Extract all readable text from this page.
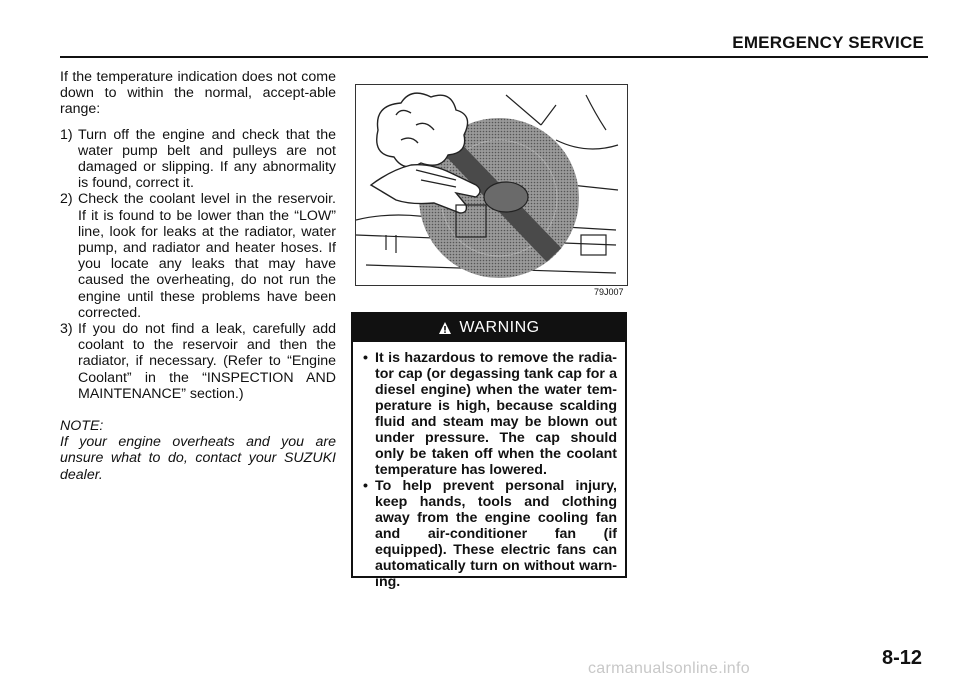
EMERGENCY SERVICE

If the temperature indication does not come down to within the normal, accept-able range:

1) Turn off the engine and check that the water pump belt and pulleys are not damaged or slipping. If any abnormality is found, correct it.
2) Check the coolant level in the reservoir. If it is found to be lower than the “LOW” line, look for leaks at the radiator, water pump, and radiator and heater hoses. If you locate any leaks that may have caused the overheating, do not run the engine until these problems have been corrected.
3) If you do not find a leak, carefully add coolant to the reservoir and then the radiator, if necessary. (Refer to “Engine Coolant” in the “INSPECTION AND MAINTENANCE” section.)
NOTE:
If your engine overheats and you are unsure what to do, contact your SUZUKI dealer.
79J007
WARNING
• It is hazardous to remove the radia-tor cap (or degassing tank cap for a diesel engine) when the water tem-perature is high, because scalding fluid and steam may be blown out under pressure. The cap should only be taken off when the coolant temperature has lowered.
• To help prevent personal injury, keep hands, tools and clothing away from the engine cooling fan and air-conditioner fan (if equipped). These electric fans can automatically turn on without warn-ing.
8-12
carmanualsonline.info
